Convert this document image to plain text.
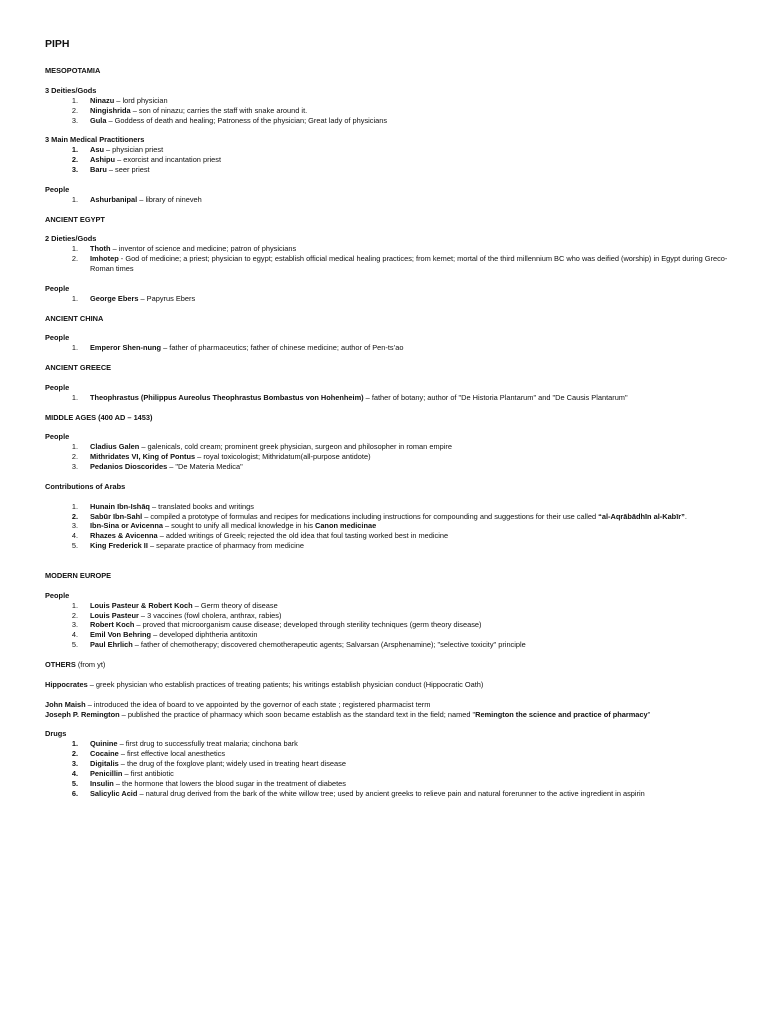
PIPH
MESOPOTAMIA
3 Deities/Gods
1.	Ninazu – lord physician
2.	Ningishrida – son of ninazu; carries the staff with snake around it.
3.	Gula – Goddess of death and healing; Patroness of the physician; Great lady of physicians
3 Main Medical Practitioners
1.	Asu – physician priest
2.	Ashipu – exorcist and incantation priest
3.	Baru – seer priest
People
1.	Ashurbanipal – library of nineveh
ANCIENT EGYPT
2 Dieties/Gods
1.	Thoth – inventor of science and medicine; patron of physicians
2.	Imhotep - God of medicine; a priest; physician to egypt; establish official medical healing practices; from kemet; mortal of the third millennium BC who was deified (worship) in Egypt during Greco-Roman times
People
1.	George Ebers – Papyrus Ebers
ANCIENT CHINA
People
1.	Emperor Shen-nung – father of pharmaceutics; father of chinese medicine; author of Pen-ts’ao
ANCIENT GREECE
People
1.	Theophrastus (Philippus Aureolus Theophrastus Bombastus von Hohenheim) – father of botany; author of "De Historia Plantarum" and "De Causis Plantarum"
MIDDLE AGES (400 AD – 1453)
People
1.	Cladius Galen – galenicals, cold cream; prominent greek physician, surgeon and philosopher in roman empire
2.	Mithridates VI, King of Pontus – royal toxicologist; Mithridatum(all-purpose antidote)
3.	Pedanios Dioscorides – "De Materia Medica"
Contributions of Arabs
1.	Hunain Ibn-Ishāq – translated books and writings
2.	Sabūr Ibn-Sahl – compiled a prototype of formulas and recipes for medications including instructions for compounding and suggestions for their use called “al-Aqrābādhīn al-Kabīr”.
3.	Ibn-Sina or Avicenna – sought to unify all medical knowledge in his Canon medicinae
4.	Rhazes & Avicenna – added writings of Greek; rejected the old idea that foul tasting worked best in medicine
5.	King Frederick II – separate practice of pharmacy from medicine
MODERN EUROPE
People
1.	Louis Pasteur & Robert Koch – Germ theory of disease
2.	Louis Pasteur – 3 vaccines (fowl cholera, anthrax, rabies)
3.	Robert Koch – proved that microorganism cause disease; developed through sterility techniques (germ theory disease)
4.	Emil Von Behring – developed diphtheria antitoxin
5.	Paul Ehrlich – father of chemotherapy; discovered chemotherapeutic agents; Salvarsan (Arsphenamine); "selective toxicity" principle

OTHERS (from yt)

Hippocrates – greek physician who establish practices of treating patients; his writings establish physician conduct (Hippocratic Oath)

John Maish – introduced the idea of board to ve appointed by the governor of each state ; registered pharmacist term

Joseph P. Remington – published the practice of pharmacy which soon became establish as the standard text in the field; named "Remington the science and practice of pharmacy"

Drugs
1.	Quinine – first drug to successfully treat malaria; cinchona bark
2.	Cocaine – first effective local anesthetics
3.	Digitalis – the drug of the foxglove plant; widely used in treating heart disease
4.	Penicillin – first antibiotic
5.	Insulin – the hormone that lowers the blood sugar in the treatment of diabetes
6.	Salicylic Acid – natural drug derived from the bark of the white willow tree; used by ancient greeks to relieve pain and natural forerunner to the active ingredient in aspirin
